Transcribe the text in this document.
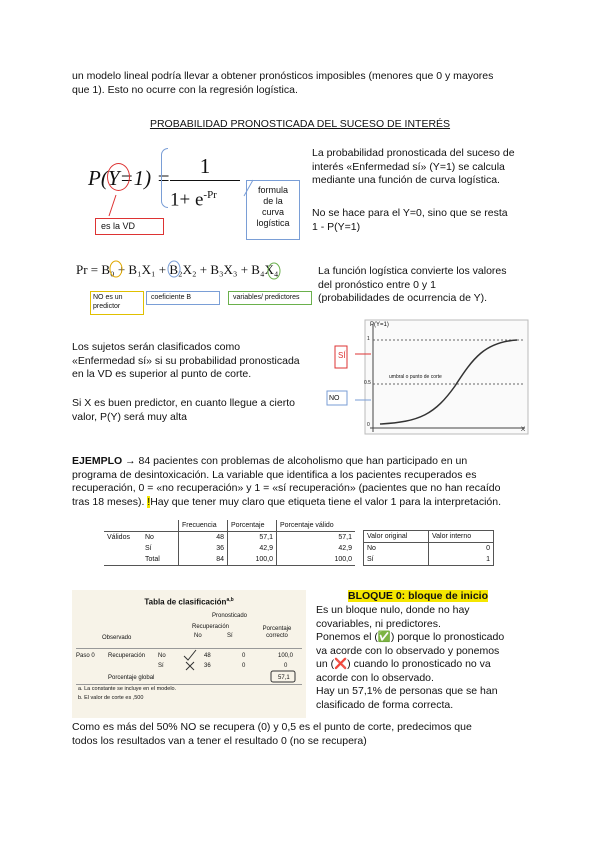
un modelo lineal podría llevar a obtener pronósticos imposibles (menores que 0 y mayores
que 1). Esto no ocurre con la regresión logística.
PROBABILIDAD PRONOSTICADA DEL SUCESO DE INTERÉS
P(Y=1) =	1
$1+ e^{-Pr}$
es la VD
formula
de la
curva
logística
La probabilidad pronosticada del suceso de
interés «Enfermedad sí» (Y=1) se calcula
mediante una función de curva logística.
No se hace para el Y=0, sino que se resta
1 - P(Y=1)
Pr = B₀ + B₁X₁ + B₂X₂ + B₃X₃ + B₄X₄
NO es un predictor
coeficiente B	variables/ predictores
La función logística convierte los valores
del pronóstico entre 0 y 1
(probabilidades de ocurrencia de Y).
Los sujetos serán clasificados como
«Enfermedad sí» si su probabilidad pronosticada
en la VD es superior al punto de corte.
Si X es buen predictor, en cuanto llegue a cierto
valor, P(Y) será muy alta
P(Y=1)
X
umbral o punto de corte
SÍ
NO
1
0.5
0
EJEMPLO → 84 pacientes con problemas de alcoholismo que han participado en un
programa de desintoxicación. La variable que identifica a los pacientes recuperados es
recuperación, 0 = «no recuperación» y 1 = «sí recuperación» (pacientes que no han recaído
tras 18 meses). !Hay que tener muy claro que etiqueta tiene el valor 1 para la interpretación.
		Frecuencia	Porcentaje	Porcentaje válido
Válidos	No	48	57,1	57,1
	Sí	36	42,9	42,9
	Total	84	100,0	100,0
Valor original	Valor interno
No	0
Sí	1
Tabla de clasificación$^{a,b}$
Pronosticado
Recuperación
No	Sí
Porcentaje correcto
Observado
Paso 0 Recuperación No	48	0	100,0
Sí	36	0	0
Porcentaje global	57,1
a. La constante se incluye en el modelo.
b. El valor de corte es ,500
BLOQUE 0: bloque de inicio
Es un bloque nulo, donde no hay
covariables, ni predictores.
Ponemos el (✅) porque lo pronosticado
va acorde con lo observado y ponemos
un (❌) cuando lo pronosticado no va
acorde con lo observado.
Hay un 57,1% de personas que se han
clasificado de forma correcta.
Como es más del 50% NO se recupera (0) y 0,5 es el punto de corte, predecimos que
todos los resultados van a tener el resultado 0 (no se recupera)
